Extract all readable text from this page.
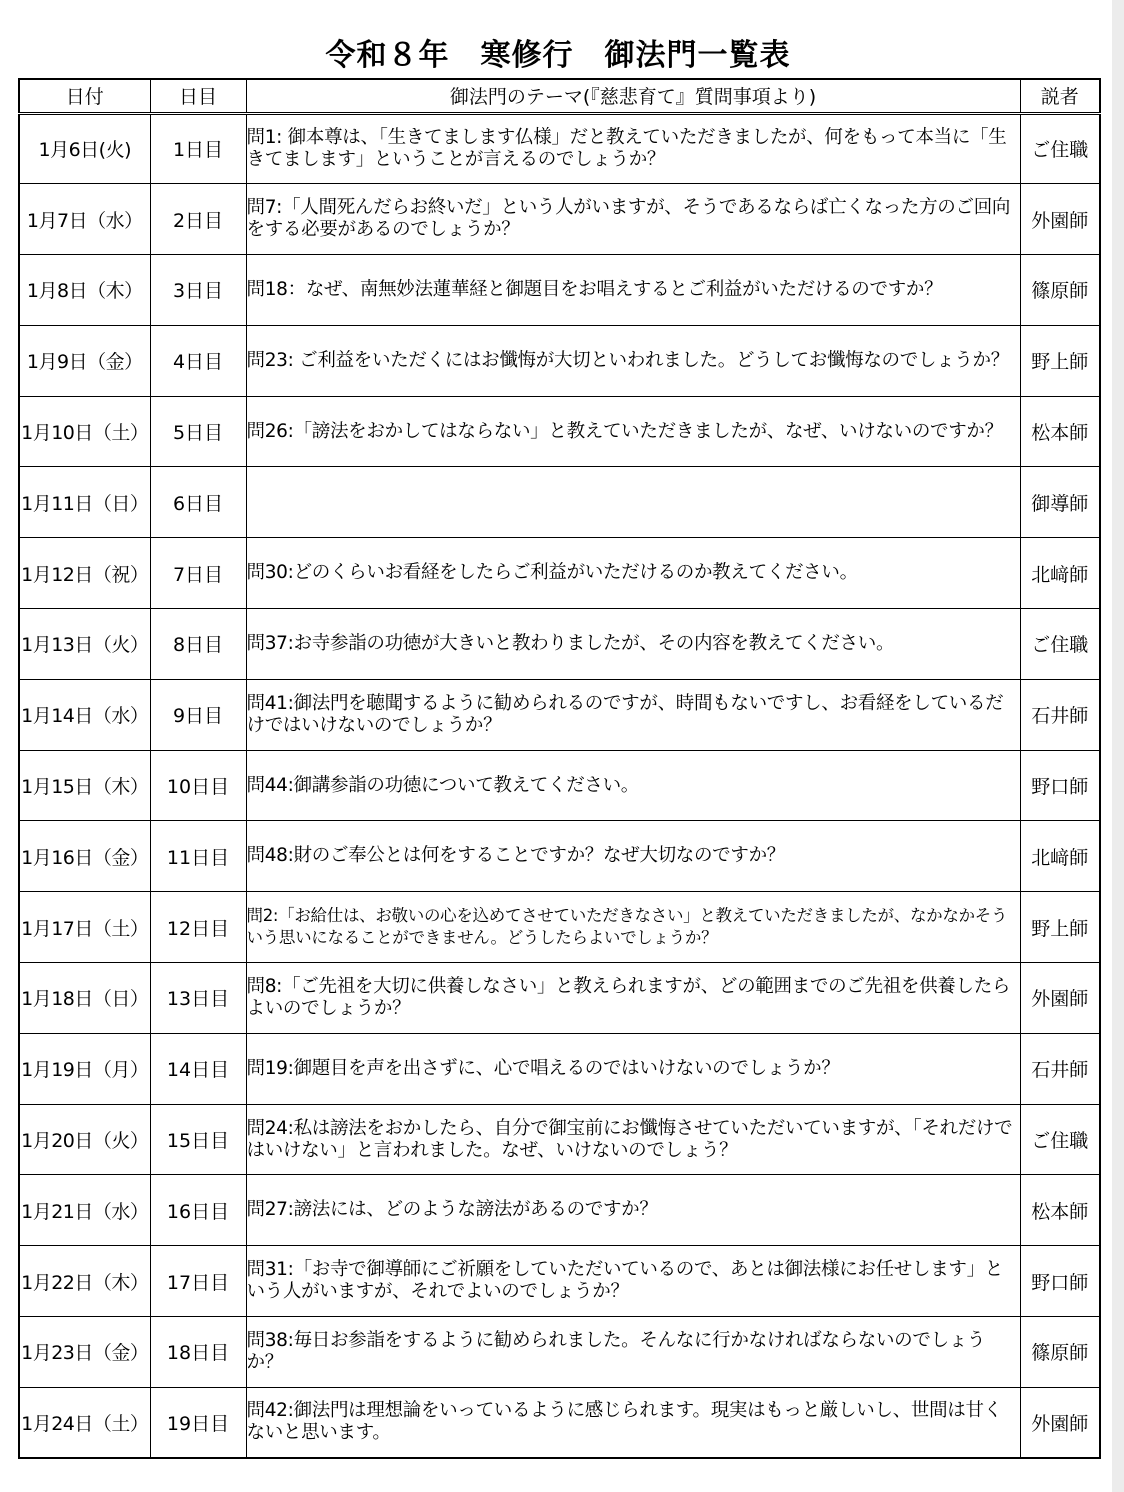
令和８年　寒修行　御法門一覧表
日付	日目	御法門のテーマ(『慈悲育て』質問事項より)	説者
1月6日(火)	1日目	問1: 御本尊は、「生きてまします仏様」だと教えていただきましたが、何をもって本当に「生きてまします」ということが言えるのでしょうか？	ご住職
1月7日（水）	2日目	問7:「人間死んだらお終いだ」という人がいますが、そうであるならば亡くなった方のご回向をする必要があるのでしょうか？	外園師
1月8日（木）	3日目	問18：なぜ、南無妙法蓮華経と御題目をお唱えするとご利益がいただけるのですか？	篠原師
1月9日（金）	4日目	問23: ご利益をいただくにはお懺悔が大切といわれました。どうしてお懺悔なのでしょうか？	野上師
1月10日（土）	5日目	問26:「謗法をおかしてはならない」と教えていただきましたが、なぜ、いけないのですか？	松本師
1月11日（日）	6日目		御導師
1月12日（祝）	7日目	問30:どのくらいお看経をしたらご利益がいただけるのか教えてください。	北﨑師
1月13日（火）	8日目	問37:お寺参詣の功徳が大きいと教わりましたが、その内容を教えてください。	ご住職
1月14日（水）	9日目	問41:御法門を聴聞するように勧められるのですが、時間もないですし、お看経をしているだけではいけないのでしょうか？	石井師
1月15日（木）	10日目	問44:御講参詣の功徳について教えてください。	野口師
1月16日（金）	11日目	問48:財のご奉公とは何をすることですか？なぜ大切なのですか？	北﨑師
1月17日（土）	12日目	問2:「お給仕は、お敬いの心を込めてさせていただきなさい」と教えていただきましたが、なかなかそういう思いになることができません。どうしたらよいでしょうか？	野上師
1月18日（日）	13日目	問8:「ご先祖を大切に供養しなさい」と教えられますが、どの範囲までのご先祖を供養したらよいのでしょうか？	外園師
1月19日（月）	14日目	問19:御題目を声を出さずに、心で唱えるのではいけないのでしょうか？	石井師
1月20日（火）	15日目	問24:私は謗法をおかしたら、自分で御宝前にお懺悔させていただいていますが、「それだけではいけない」と言われました。なぜ、いけないのでしょう？	ご住職
1月21日（水）	16日目	問27:謗法には、どのような謗法があるのですか？	松本師
1月22日（木）	17日目	問31:「お寺で御導師にご祈願をしていただいているので、あとは御法様にお任せします」という人がいますが、それでよいのでしょうか？	野口師
1月23日（金）	18日目	問38:毎日お参詣をするように勧められました。そんなに行かなければならないのでしょうか？	篠原師
1月24日（土）	19日目	問42:御法門は理想論をいっているように感じられます。現実はもっと厳しいし、世間は甘くないと思います。	外園師
